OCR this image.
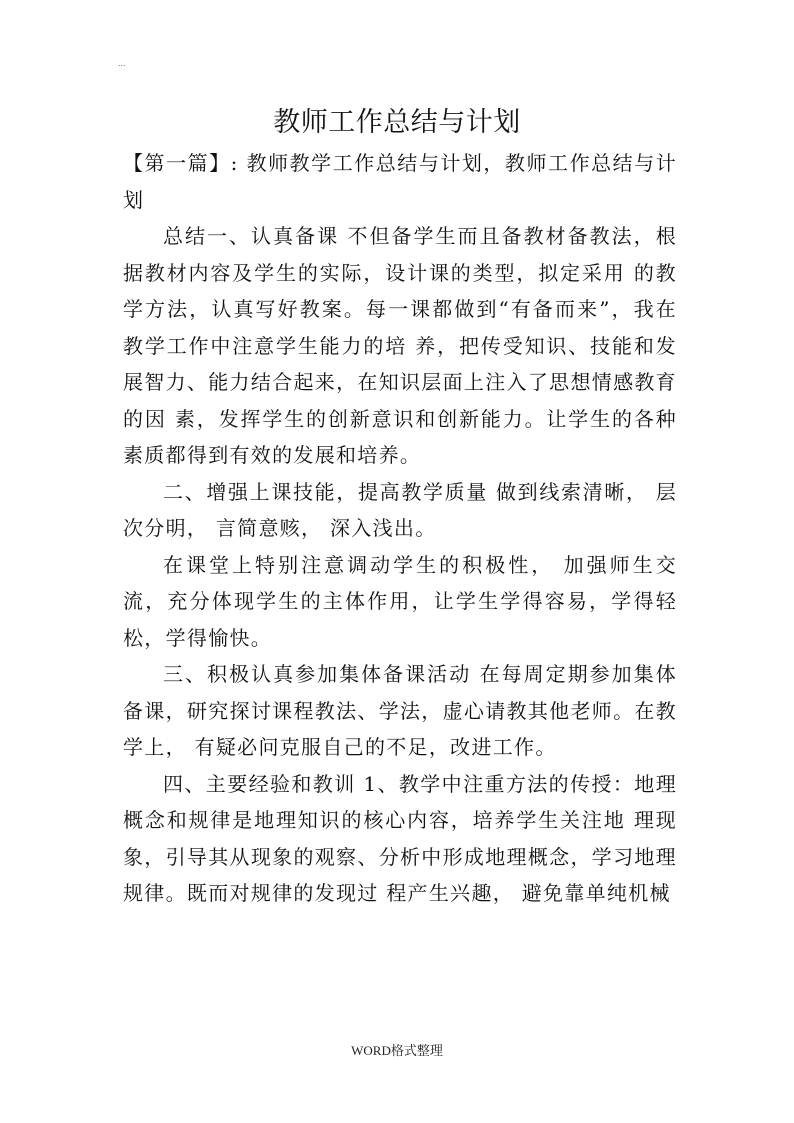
...
教师工作总结与计划

【第一篇】: 教师教学工作总结与计划，教师工作总结与计划

总结一、认真备课 不但备学生而且备教材备教法，根据教材内容及学生的实际，设计课的类型，拟定采用 的教学方法，认真写好教案。每一课都做到“有备而来”，我在教学工作中注意学生能力的培 养，把传受知识、技能和发展智力、能力结合起来，在知识层面上注入了思想情感教育的因 素，发挥学生的创新意识和创新能力。让学生的各种素质都得到有效的发展和培养。

二、增强上课技能，提高教学质量 做到线索清晰， 层次分明， 言简意赅， 深入浅出。

在课堂上特别注意调动学生的积极性， 加强师生交流，充分体现学生的主体作用，让学生学得容易，学得轻松，学得愉快。

三、积极认真参加集体备课活动 在每周定期参加集体备课，研究探讨课程教法、学法，虚心请教其他老师。在教学上， 有疑必问克服自己的不足，改进工作。

四、主要经验和教训 1、教学中注重方法的传授：地理概念和规律是地理知识的核心内容，培养学生关注地 理现象，引导其从现象的观察、分析中形成地理概念，学习地理规律。既而对规律的发现过 程产生兴趣， 避免靠单纯机械

WORD格式整理
